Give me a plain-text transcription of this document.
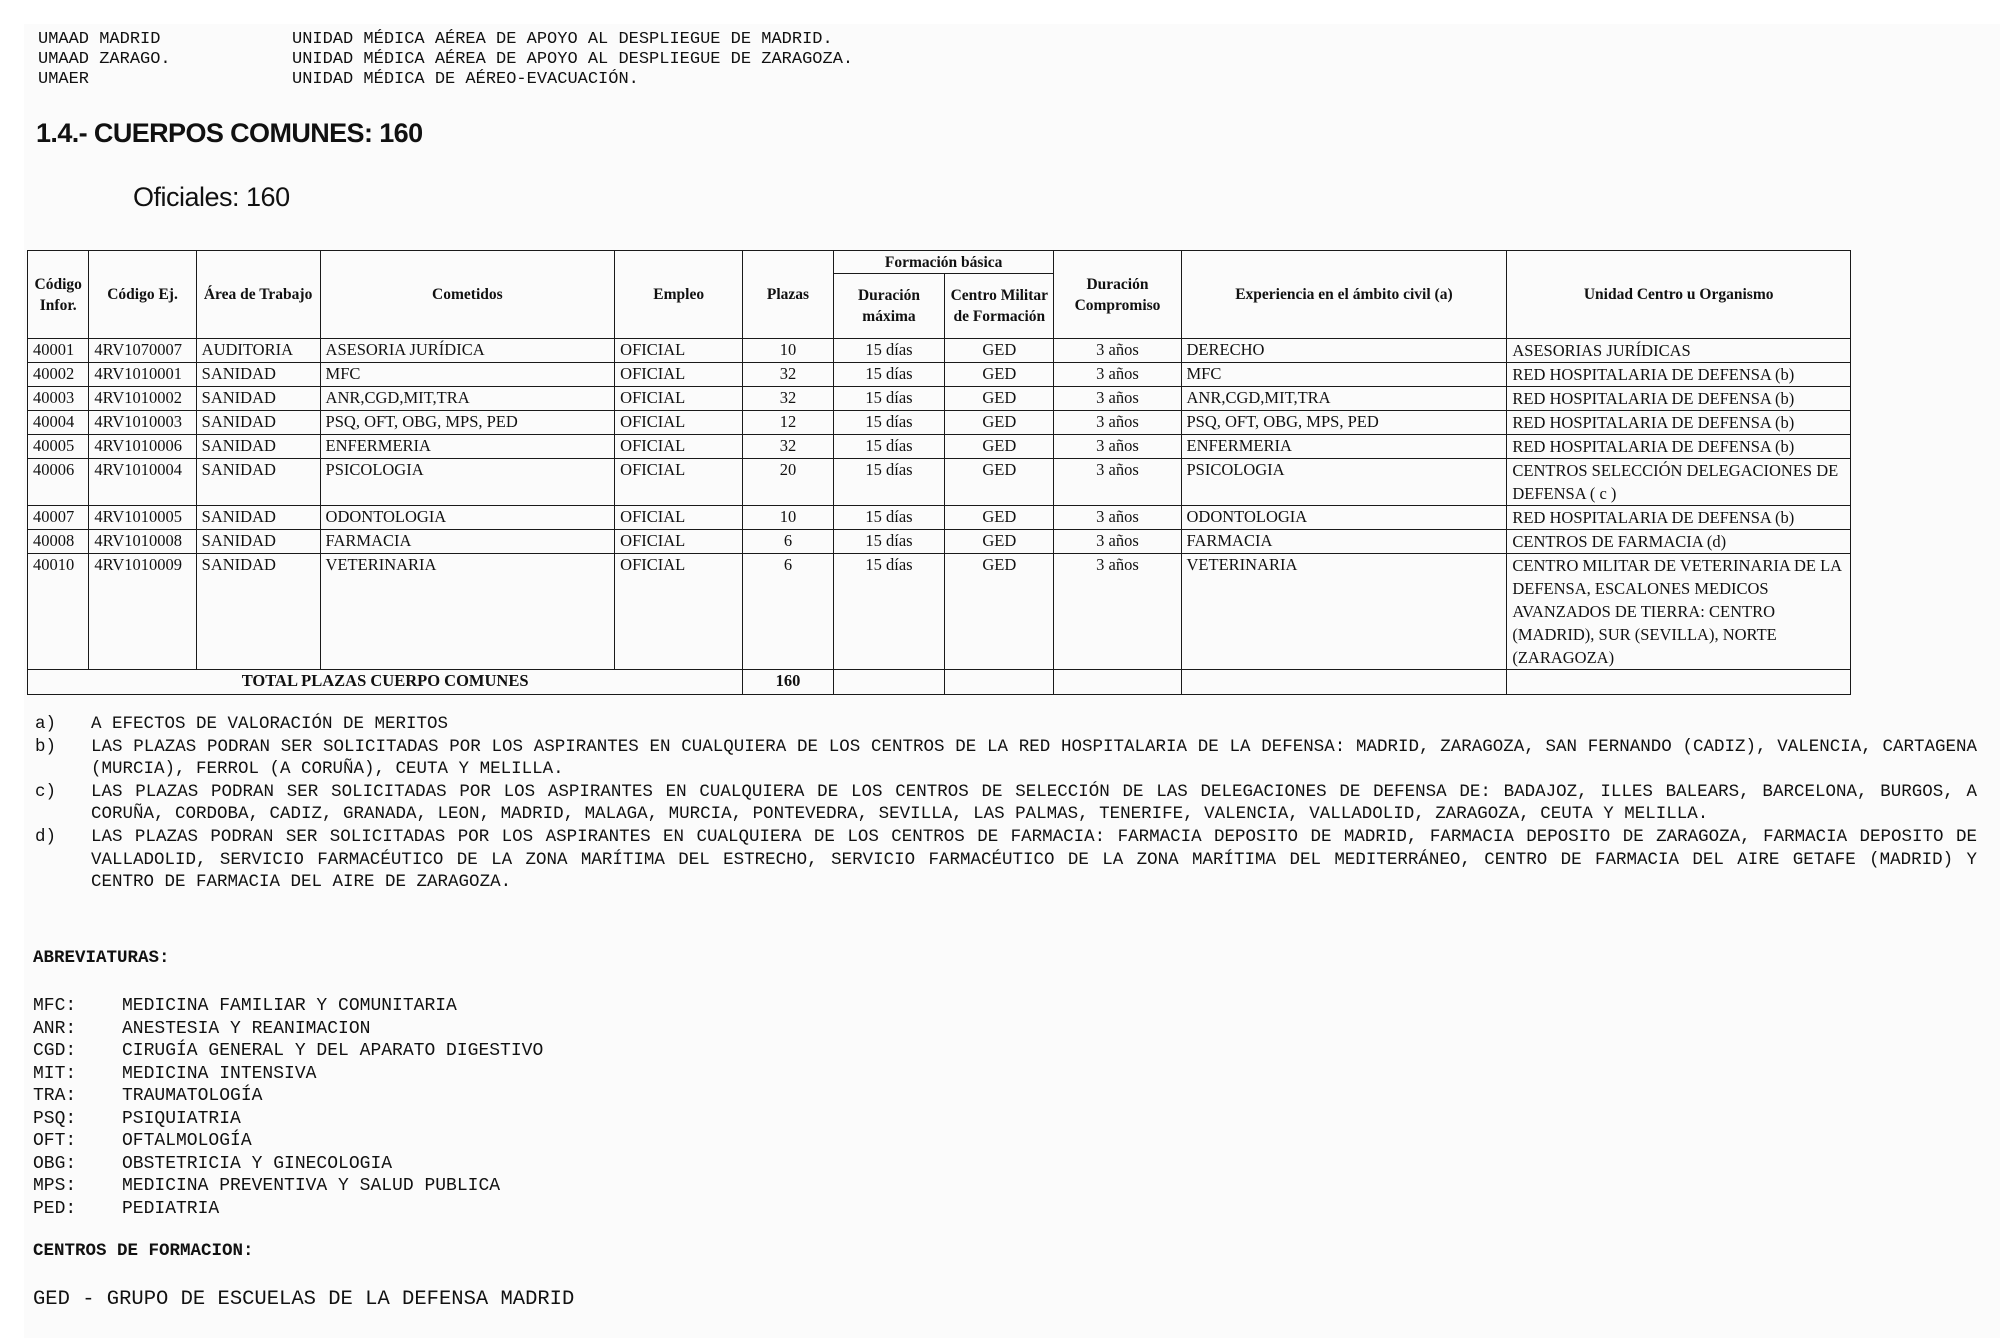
UMAAD MADRID	UNIDAD MÉDICA AÉREA DE APOYO AL DESPLIEGUE DE MADRID.
UMAAD ZARAGO.	UNIDAD MÉDICA AÉREA DE APOYO AL DESPLIEGUE DE ZARAGOZA.
UMAER	UNIDAD MÉDICA DE AÉREO-EVACUACIÓN.
1.4.- CUERPOS COMUNES: 160
Oficiales: 160
Código Infor.	Código Ej.	Área de Trabajo	Cometidos	Empleo	Plazas	Formación básica		Duración Compromiso	Experiencia en el ámbito civil (a)	Unidad Centro u Organismo
						Duración máxima	Centro Militar de Formación			
40001	4RV1070007	AUDITORIA	ASESORIA JURÍDICA	OFICIAL	10	15 días	GED	3 años	DERECHO	ASESORIAS JURÍDICAS
40002	4RV1010001	SANIDAD	MFC	OFICIAL	32	15 días	GED	3 años	MFC	RED HOSPITALARIA DE DEFENSA (b)
40003	4RV1010002	SANIDAD	ANR,CGD,MIT,TRA	OFICIAL	32	15 días	GED	3 años	ANR,CGD,MIT,TRA	RED HOSPITALARIA DE DEFENSA (b)
40004	4RV1010003	SANIDAD	PSQ, OFT, OBG, MPS, PED	OFICIAL	12	15 días	GED	3 años	PSQ, OFT, OBG, MPS, PED	RED HOSPITALARIA DE DEFENSA (b)
40005	4RV1010006	SANIDAD	ENFERMERIA	OFICIAL	32	15 días	GED	3 años	ENFERMERIA	RED HOSPITALARIA DE DEFENSA (b)
40006	4RV1010004	SANIDAD	PSICOLOGIA	OFICIAL	20	15 días	GED	3 años	PSICOLOGIA	CENTROS SELECCIÓN DELEGACIONES DE DEFENSA ( c )
40007	4RV1010005	SANIDAD	ODONTOLOGIA	OFICIAL	10	15 días	GED	3 años	ODONTOLOGIA	RED HOSPITALARIA DE DEFENSA (b)
40008	4RV1010008	SANIDAD	FARMACIA	OFICIAL	6	15 días	GED	3 años	FARMACIA	CENTROS DE FARMACIA (d)
40010	4RV1010009	SANIDAD	VETERINARIA	OFICIAL	6	15 días	GED	3 años	VETERINARIA	CENTRO MILITAR DE VETERINARIA DE LA DEFENSA, ESCALONES MEDICOS AVANZADOS DE TIERRA: CENTRO (MADRID), SUR (SEVILLA), NORTE (ZARAGOZA)
TOTAL PLAZAS CUERPO COMUNES					160					
a)	A EFECTOS DE VALORACIÓN DE MERITOS
b)	LAS PLAZAS PODRAN SER SOLICITADAS POR LOS ASPIRANTES EN CUALQUIERA DE LOS CENTROS DE LA RED HOSPITALARIA DE LA DEFENSA: MADRID, ZARAGOZA, SAN FERNANDO (CADIZ), VALENCIA, CARTAGENA (MURCIA), FERROL (A CORUÑA), CEUTA Y MELILLA.
c)	LAS PLAZAS PODRAN SER SOLICITADAS POR LOS ASPIRANTES EN CUALQUIERA DE LOS CENTROS DE SELECCIÓN DE LAS DELEGACIONES DE DEFENSA DE: BADAJOZ, ILLES BALEARS, BARCELONA, BURGOS, A CORUÑA, CORDOBA, CADIZ, GRANADA, LEON, MADRID, MALAGA, MURCIA, PONTEVEDRA, SEVILLA, LAS PALMAS, TENERIFE, VALENCIA, VALLADOLID, ZARAGOZA, CEUTA Y MELILLA.
d)	LAS PLAZAS PODRAN SER SOLICITADAS POR LOS ASPIRANTES EN CUALQUIERA DE LOS CENTROS DE FARMACIA: FARMACIA DEPOSITO DE MADRID, FARMACIA DEPOSITO DE ZARAGOZA, FARMACIA DEPOSITO DE VALLADOLID, SERVICIO FARMACÉUTICO DE LA ZONA MARÍTIMA DEL ESTRECHO, SERVICIO FARMACÉUTICO DE LA ZONA MARÍTIMA DEL MEDITERRÁNEO, CENTRO DE FARMACIA DEL AIRE GETAFE (MADRID) Y CENTRO DE FARMACIA DEL AIRE DE ZARAGOZA.
ABREVIATURAS:
MFC:	MEDICINA FAMILIAR Y COMUNITARIA
ANR:	ANESTESIA Y REANIMACION
CGD:	CIRUGÍA GENERAL Y DEL APARATO DIGESTIVO
MIT:	MEDICINA INTENSIVA
TRA:	TRAUMATOLOGÍA
PSQ:	PSIQUIATRIA
OFT:	OFTALMOLOGÍA
OBG:	OBSTETRICIA Y GINECOLOGIA
MPS:	MEDICINA PREVENTIVA Y SALUD PUBLICA
PED:	PEDIATRIA
CENTROS DE FORMACION:
GED - GRUPO DE ESCUELAS DE LA DEFENSA MADRID
